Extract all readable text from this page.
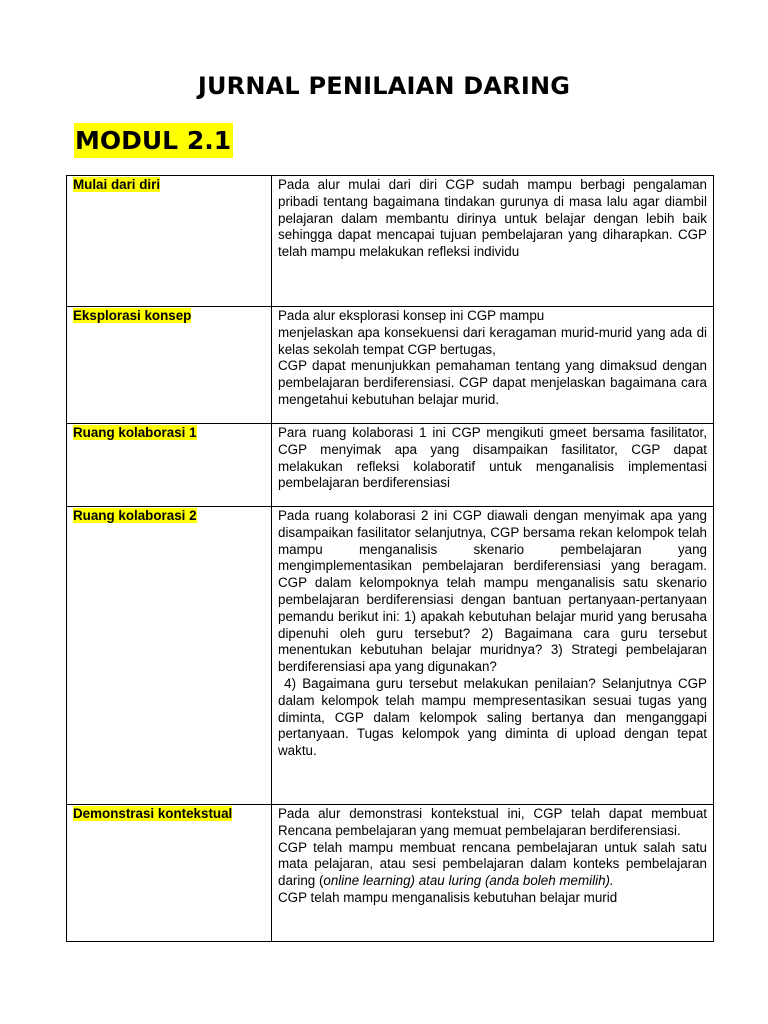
JURNAL PENILAIAN DARING
MODUL 2.1
Mulai dari diri	Pada alur mulai dari diri CGP sudah mampu berbagi pengalaman pribadi tentang bagaimana tindakan gurunya di masa lalu agar diambil pelajaran dalam membantu dirinya untuk belajar dengan lebih baik sehingga dapat mencapai tujuan pembelajaran yang diharapkan. CGP telah mampu melakukan refleksi individu

Eksplorasi konsep	Pada alur eksplorasi konsep ini CGP mampu

menjelaskan apa konsekuensi dari keragaman murid-murid yang ada di kelas sekolah tempat CGP bertugas,

CGP dapat menunjukkan pemahaman tentang yang dimaksud dengan pembelajaran berdiferensiasi. CGP dapat menjelaskan bagaimana cara mengetahui kebutuhan belajar murid.

Ruang kolaborasi 1	Para ruang kolaborasi 1 ini CGP mengikuti gmeet bersama fasilitator, CGP menyimak apa yang disampaikan fasilitator, CGP dapat melakukan refleksi kolaboratif untuk menganalisis implementasi pembelajaran berdiferensiasi

Ruang kolaborasi 2	Pada ruang kolaborasi 2 ini CGP diawali dengan menyimak apa yang disampaikan fasilitator selanjutnya, CGP bersama rekan kelompok telah mampu menganalisis skenario pembelajaran yang mengimplementasikan pembelajaran berdiferensiasi yang beragam. CGP dalam kelompoknya telah mampu menganalisis satu skenario pembelajaran berdiferensiasi dengan bantuan pertanyaan-pertanyaan pemandu berikut ini: 1) apakah kebutuhan belajar murid yang berusaha dipenuhi oleh guru tersebut? 2) Bagaimana cara guru tersebut menentukan kebutuhan belajar muridnya? 3) Strategi pembelajaran berdiferensiasi apa yang digunakan?

4) Bagaimana guru tersebut melakukan penilaian? Selanjutnya CGP dalam kelompok telah mampu mempresentasikan sesuai tugas yang diminta, CGP dalam kelompok saling bertanya dan menganggapi pertanyaan. Tugas kelompok yang diminta di upload dengan tepat waktu.

Demonstrasi kontekstual	Pada alur demonstrasi kontekstual ini, CGP telah dapat membuat Rencana pembelajaran yang memuat pembelajaran berdiferensiasi.

CGP telah mampu membuat rencana pembelajaran untuk salah satu mata pelajaran, atau sesi pembelajaran dalam konteks pembelajaran daring (online learning) atau luring (anda boleh memilih).

CGP telah mampu menganalisis kebutuhan belajar murid
